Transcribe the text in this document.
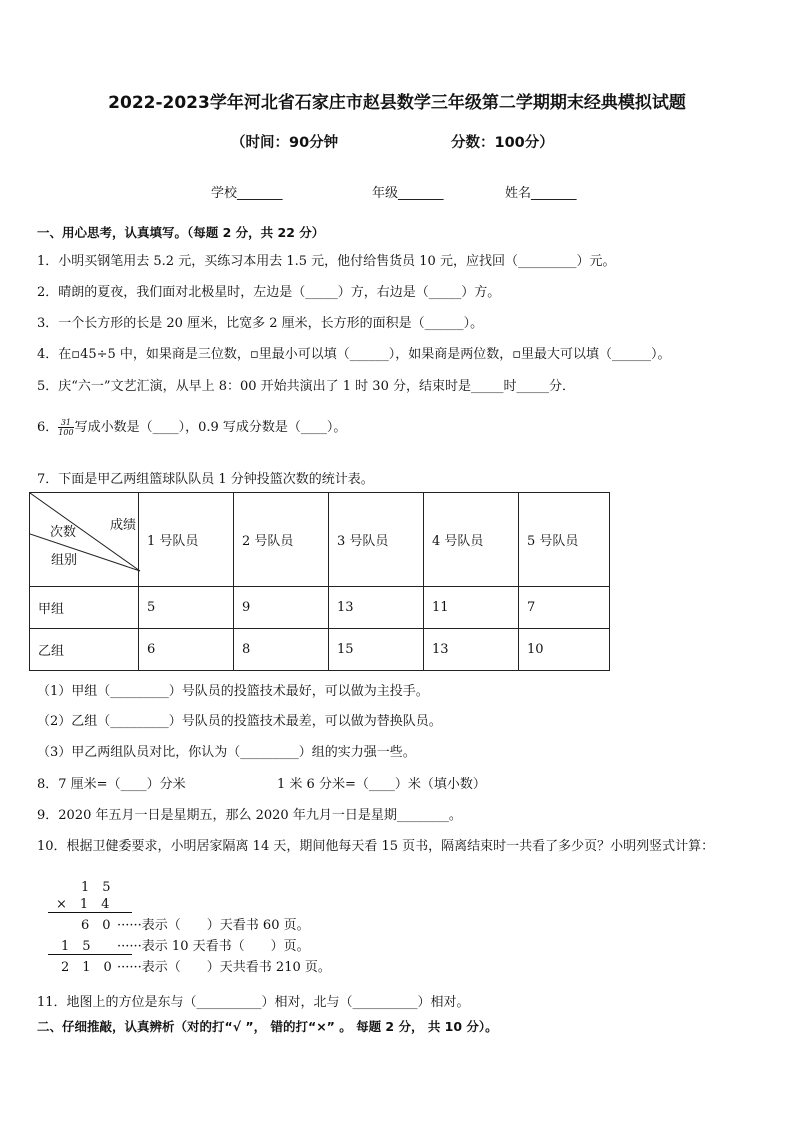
2022-2023学年河北省石家庄市赵县数学三年级第二学期期末经典模拟试题
（时间：90分钟	分数：100分）
学校_______	年级_______	姓名_______
一、用心思考，认真填写。（每题 2 分，共 22 分）
1．小明买钢笔用去 5.2 元，买练习本用去 1.5 元，他付给售货员 10 元，应找回（_________）元。
2．晴朗的夏夜，我们面对北极星时，左边是（_____）方，右边是（_____）方。
3．一个长方形的长是 20 厘米，比宽多 2 厘米，长方形的面积是（______）。
4．在▫45÷5 中，如果商是三位数，▫里最小可以填（______），如果商是两位数，▫里最大可以填（______）。
5．庆“六一”文艺汇演，从早上 8：00 开始共演出了 1 时 30 分，结束时是_____时_____分．
6． $\frac{31}{100}$ 写成小数是（____），0.9 写成分数是（____）。
7．下面是甲乙两组篮球队队员 1 分钟投篮次数的统计表。
次数 成绩
组别	1 号队员	2 号队员	3 号队员	4 号队员	5 号队员
甲组	5	9	13	11	7
乙组	6	8	15	13	10
（1）甲组（_________）号队员的投篮技术最好，可以做为主投手。
（2）乙组（_________）号队员的投篮技术最差，可以做为替换队员。
（3）甲乙两组队员对比，你认为（_________）组的实力强一些。
8．7 厘米=（____）分米	1 米 6 分米=（____）米（填小数）
9．2020 年五月一日是星期五，那么 2020 年九月一日是星期________。
10．根据卫健委要求，小明居家隔离 14 天，期间他每天看 15 页书，隔离结束时一共看了多少页？小明列竖式计算：
1　5
×　1　4
6　0 ······表示（　　）天看书 60 页。
1　5 ······表示 10 天看书（　　）页。
2　1　0 ······表示（　　）天共看书 210 页。
11．地图上的方位是东与（__________）相对，北与（__________）相对。
二、仔细推敲，认真辨析（对的打“√ ”， 错的打“×” 。 每题 2 分， 共 10 分）。
